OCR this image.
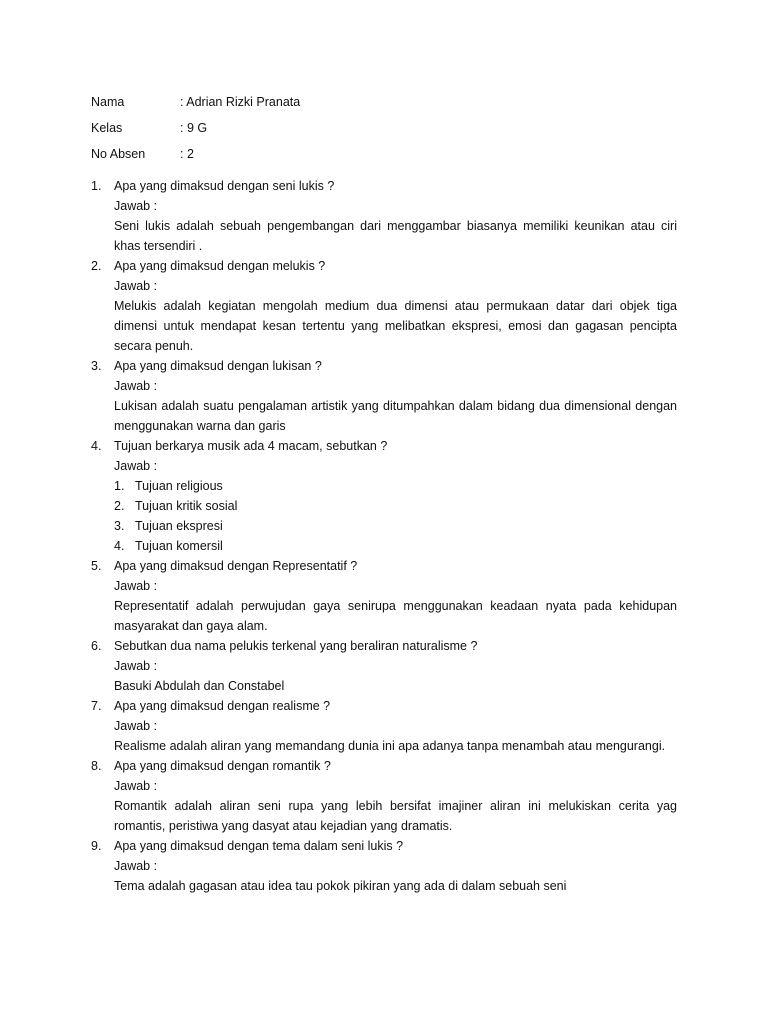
Nama	: Adrian Rizki Pranata
Kelas	: 9 G
No Absen	: 2
1.	Apa yang dimaksud dengan seni lukis ?
Jawab :
Seni lukis adalah sebuah pengembangan dari menggambar biasanya memiliki keunikan atau ciri khas tersendiri .
2.	Apa yang dimaksud dengan melukis ?
Jawab :
Melukis adalah kegiatan mengolah medium dua dimensi atau permukaan datar dari objek tiga dimensi untuk mendapat kesan tertentu yang melibatkan ekspresi, emosi dan gagasan pencipta secara penuh.
3.	Apa yang dimaksud dengan lukisan ?
Jawab :
Lukisan adalah suatu pengalaman artistik yang ditumpahkan dalam bidang dua dimensional dengan menggunakan warna dan garis
4.	Tujuan berkarya musik ada 4 macam, sebutkan ?
Jawab :
1. Tujuan religious
2. Tujuan kritik sosial
3. Tujuan ekspresi
4. Tujuan komersil
5.	Apa yang dimaksud dengan Representatif ?
Jawab :
Representatif adalah perwujudan gaya senirupa menggunakan keadaan nyata pada kehidupan masyarakat dan gaya alam.
6.	Sebutkan dua nama pelukis terkenal yang beraliran naturalisme ?
Jawab :
Basuki Abdulah dan Constabel
7.	Apa yang dimaksud dengan realisme ?
Jawab :
Realisme adalah aliran yang memandang dunia ini apa adanya tanpa menambah atau mengurangi.
8.	Apa yang dimaksud dengan romantik ?
Jawab :
Romantik adalah aliran seni rupa yang lebih bersifat imajiner aliran ini melukiskan cerita yag romantis, peristiwa yang dasyat atau kejadian yang dramatis.
9.	Apa yang dimaksud dengan tema dalam seni lukis ?
Jawab :
Tema adalah gagasan atau idea tau pokok pikiran yang ada di dalam sebuah seni
